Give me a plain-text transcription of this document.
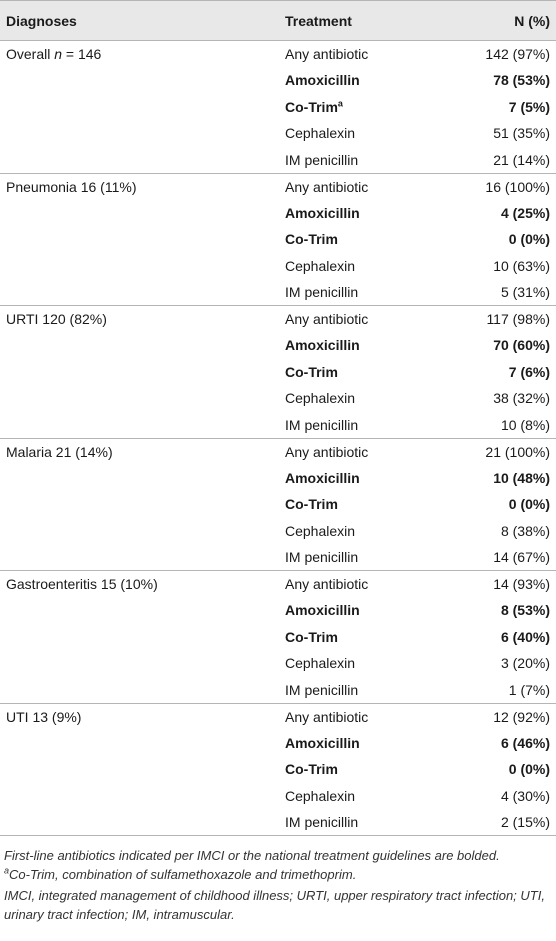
Diagnoses	Treatment	N (%)
Overall n = 146	Any antibiotic	142 (97%)
	Amoxicillin	78 (53%)
	Co-Trim$^a$	7 (5%)
	Cephalexin	51 (35%)
	IM penicillin	21 (14%)
Pneumonia 16 (11%)	Any antibiotic	16 (100%)
	Amoxicillin	4 (25%)
	Co-Trim	0 (0%)
	Cephalexin	10 (63%)
	IM penicillin	5 (31%)
URTI 120 (82%)	Any antibiotic	117 (98%)
	Amoxicillin	70 (60%)
	Co-Trim	7 (6%)
	Cephalexin	38 (32%)
	IM penicillin	10 (8%)
Malaria 21 (14%)	Any antibiotic	21 (100%)
	Amoxicillin	10 (48%)
	Co-Trim	0 (0%)
	Cephalexin	8 (38%)
	IM penicillin	14 (67%)
Gastroenteritis 15 (10%)	Any antibiotic	14 (93%)
	Amoxicillin	8 (53%)
	Co-Trim	6 (40%)
	Cephalexin	3 (20%)
	IM penicillin	1 (7%)
UTI 13 (9%)	Any antibiotic	12 (92%)
	Amoxicillin	6 (46%)
	Co-Trim	0 (0%)
	Cephalexin	4 (30%)
	IM penicillin	2 (15%)

First-line antibiotics indicated per IMCI or the national treatment guidelines are bolded.

$^a$Co-Trim, combination of sulfamethoxazole and trimethoprim.

IMCI, integrated management of childhood illness; URTI, upper respiratory tract infection; UTI, urinary tract infection; IM, intramuscular.
